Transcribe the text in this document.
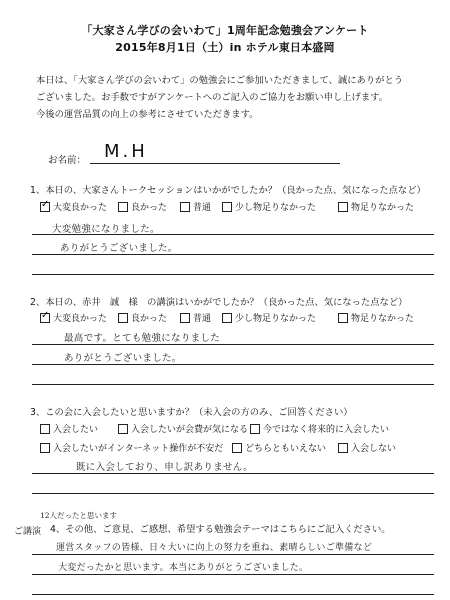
「大家さん学びの会いわて」1周年記念勉強会アンケート
2015年8月1日（土）in ホテル東日本盛岡
本日は、「大家さん学びの会いわて」の勉強会にご参加いただきまして、誠にありがとう
ございました。お手数ですがアンケートへのご記入のご協力をお願い申し上げます。
今後の運営品質の向上の参考にさせていただきます。
お名前： M.H
1、本日の、大家さんトークセッションはいかがでしたか？（良かった点、気になった点など）
✓
大変良かった	良かった	普通	少し物足りなかった	物足りなかった
大変勉強になりました。
ありがとうございました。
2、本日の、赤井　誠　様　の講演はいかがでしたか？（良かった点、気になった点など）
✓
大変良かった	良かった	普通	少し物足りなかった	物足りなかった
最高です。とても勉強になりました
ありがとうございました。
3、この会に入会したいと思いますか？（未入会の方のみ、ご回答ください）
入会したい	入会したいが会費が気になる 今ではなく将来的に入会したい
入会したいがインターネット操作が不安だ どちらともいえない	入会しない
既に入会しており、申し訳ありません。
12人だったと思います
ご講演 4、その他、ご意見、ご感想、希望する勉強会テーマはこちらにご記入ください。
運営スタッフの皆様、日々大いに向上の努力を重ね、素晴らしいご準備など
大変だったかと思います。本当にありがとうございました。
